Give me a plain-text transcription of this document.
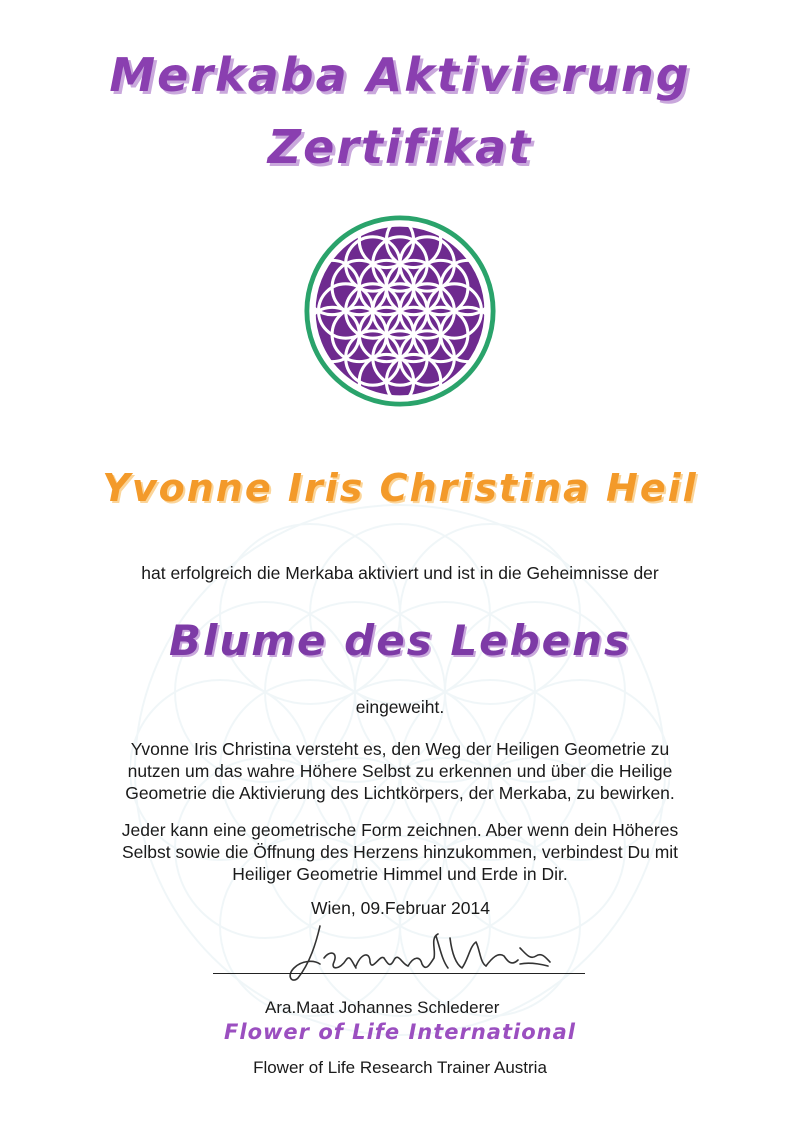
Merkaba Aktivierung
Zertifikat
Yvonne Iris Christina Heil
hat erfolgreich die Merkaba aktiviert und ist in die Geheimnisse der
Blume des Lebens
eingeweiht.
Yvonne Iris Christina versteht es, den Weg der Heiligen Geometrie zu
nutzen um das wahre Höhere Selbst zu erkennen und über die Heilige
Geometrie die Aktivierung des Lichtkörpers, der Merkaba, zu bewirken.
Jeder kann eine geometrische Form zeichnen. Aber wenn dein Höheres
Selbst sowie die Öffnung des Herzens hinzukommen, verbindest Du mit
Heiliger Geometrie Himmel und Erde in Dir.
Wien, 09.Februar 2014
Ara.Maat Johannes Schlederer
Flower of Life International
Flower of Life Research Trainer Austria
